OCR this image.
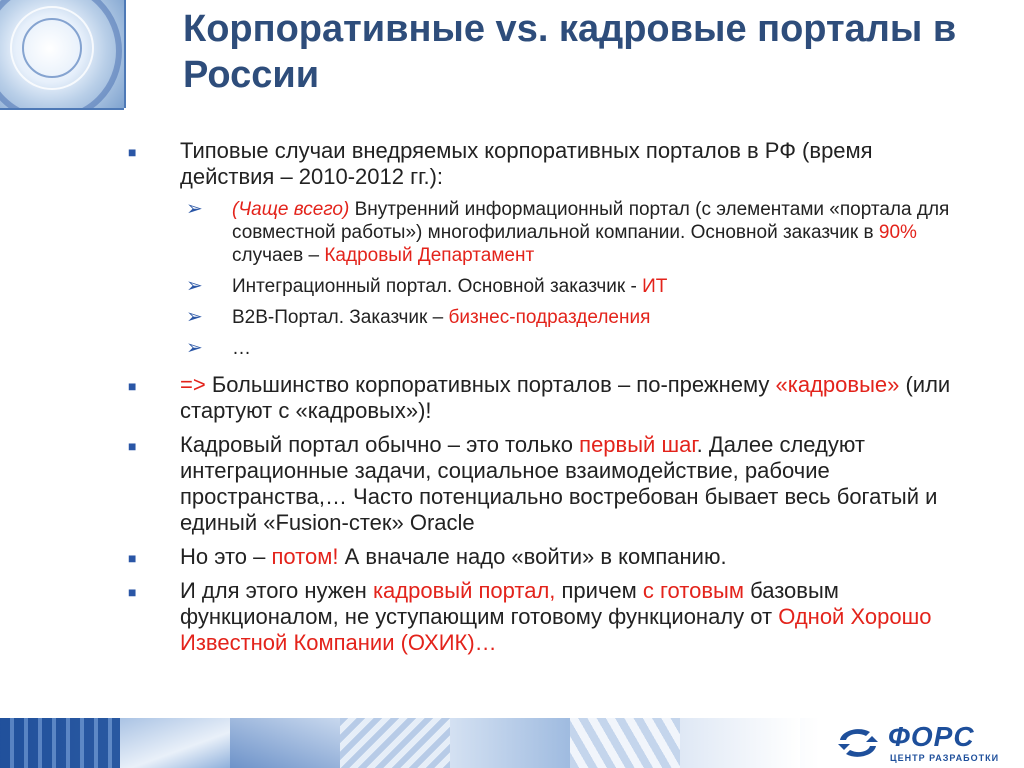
Корпоративные vs. кадровые порталы в России
■	Типовые случаи внедряемых корпоративных порталов в РФ (время действия – 2010-2012 гг.):
➢ (Чаще всего) Внутренний информационный портал (с элементами «портала для совместной работы») многофилиальной компании. Основной заказчик в 90% случаев – Кадровый Департамент
➢ Интеграционный портал. Основной заказчик - ИТ
➢ B2B-Портал. Заказчик – бизнес-подразделения
➢ …
■	=> Большинство корпоративных порталов – по-прежнему «кадровые» (или стартуют с «кадровых»)!
■	Кадровый портал обычно – это только первый шаг. Далее следуют интеграционные задачи, социальное взаимодействие, рабочие пространства,… Часто потенциально востребован бывает весь богатый и единый «Fusion-стек» Oracle
■	Но это – потом! А вначале надо «войти» в компанию.
■	И для этого нужен кадровый портал, причем с готовым базовым функционалом, не уступающим готовому функционалу от Одной Хорошо Известной Компании (ОХИК)…
ФОРС
ЦЕНТР РАЗРАБОТКИ
